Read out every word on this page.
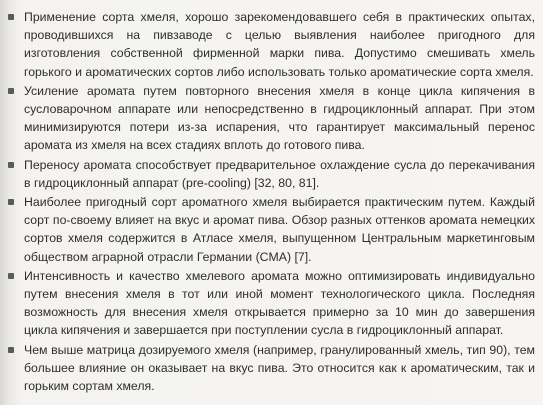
Применение сорта хмеля, хорошо зарекомендовавшего себя в практических опытах, проводившихся на пивзаводе с целью выявления наиболее пригодного для изготовления собственной фирменной марки пива. Допустимо смешивать хмель горького и ароматических сортов либо использовать только ароматические сорта хмеля.
Усиление аромата путем повторного внесения хмеля в конце цикла кипячения в сусловарочном аппарате или непосредственно в гидроциклонный аппарат. При этом минимизируются потери из-за испарения, что гарантирует максимальный перенос аромата из хмеля на всех стадиях вплоть до готового пива.
Переносу аромата способствует предварительное охлаждение сусла до перекачивания в гидроциклонный аппарат (pre-cooling) [32, 80, 81].
Наиболее пригодный сорт ароматного хмеля выбирается практическим путем. Каждый сорт по-своему влияет на вкус и аромат пива. Обзор разных оттенков аромата немецких сортов хмеля содержится в Атласе хмеля, выпущенном Центральным маркетинговым обществом аграрной отрасли Германии (CMA) [7].
Интенсивность и качество хмелевого аромата можно оптимизировать индивидуально путем внесения хмеля в тот или иной момент технологического цикла. Последняя возможность для внесения хмеля открывается примерно за 10 мин до завершения цикла кипячения и завершается при поступлении сусла в гидроциклонный аппарат.
Чем выше матрица дозируемого хмеля (например, гранулированный хмель, тип 90), тем большее влияние он оказывает на вкус пива. Это относится как к ароматическим, так и горьким сортам хмеля.
